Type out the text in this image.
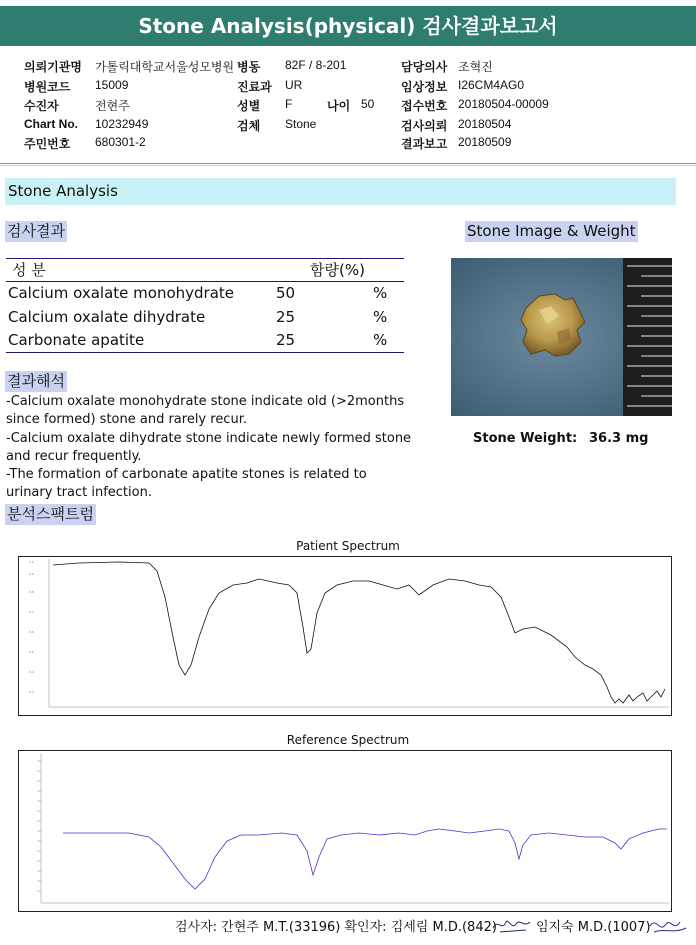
Stone Analysis(physical) 검사결과보고서
의뢰기관명 가톨릭대학교서울성모병원 병동 82F / 8-201	담당의사 조혁진
병원코드 15009	진료과 UR	임상정보 I26CM4AG0
수진자	전현주	성별 F	나이 50 접수번호 20180504-00009
Chart No. 10232949	검체 Stone	검사의뢰 20180504
주민번호 680301-2	결과보고 20180509
Stone Analysis
검사결과
성 분	함량(%)
Calcium oxalate monohydrate	50	%
Calcium oxalate dihydrate	25	%
Carbonate apatite	25	%
Stone Image & Weight
Stone Weight: 36.3 mg
결과해석
-Calcium oxalate monohydrate stone indicate old (>2months
since formed) stone and rarely recur.
-Calcium oxalate dihydrate stone indicate newly formed stone
and recur frequently.
-The formation of carbonate apatite stones is related to
urinary tract infection.
분석스팩트럼
Patient Spectrum
1.0
0.9
0.8
0.7
0.6
0.5
0.4
0.3
Reference Spectrum
검사자: 간현주 M.T.(33196) 확인자: 김세림 M.D.(842)	임지숙 M.D.(1007)
